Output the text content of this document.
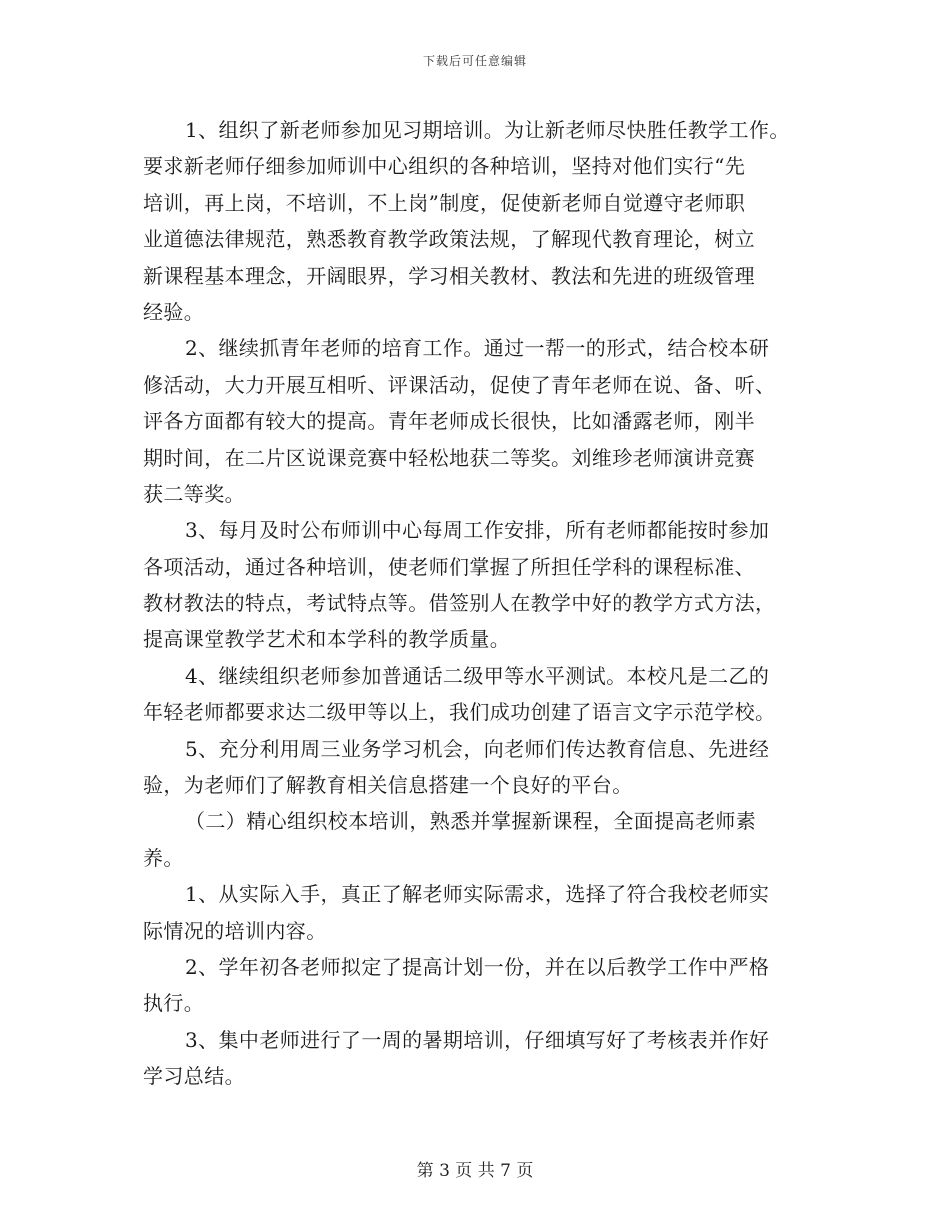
下载后可任意编辑
1、组织了新老师参加见习期培训。为让新老师尽快胜任教学工作。
要求新老师仔细参加师训中心组织的各种培训，坚持对他们实行“先
培训，再上岗，不培训，不上岗”制度，促使新老师自觉遵守老师职
业道德法律规范，熟悉教育教学政策法规，了解现代教育理论，树立
新课程基本理念，开阔眼界，学习相关教材、教法和先进的班级管理
经验。
2、继续抓青年老师的培育工作。通过一帮一的形式，结合校本研
修活动，大力开展互相听、评课活动，促使了青年老师在说、备、听、
评各方面都有较大的提高。青年老师成长很快，比如潘露老师，刚半
期时间，在二片区说课竞赛中轻松地获二等奖。刘维珍老师演讲竞赛
获二等奖。
3、每月及时公布师训中心每周工作安排，所有老师都能按时参加
各项活动，通过各种培训，使老师们掌握了所担任学科的课程标准、
教材教法的特点，考试特点等。借签别人在教学中好的教学方式方法，
提高课堂教学艺术和本学科的教学质量。
4、继续组织老师参加普通话二级甲等水平测试。本校凡是二乙的
年轻老师都要求达二级甲等以上，我们成功创建了语言文字示范学校。
5、充分利用周三业务学习机会，向老师们传达教育信息、先进经
验，为老师们了解教育相关信息搭建一个良好的平台。
（二）精心组织校本培训，熟悉并掌握新课程，全面提高老师素
养。
1、从实际入手，真正了解老师实际需求，选择了符合我校老师实
际情况的培训内容。
2、学年初各老师拟定了提高计划一份，并在以后教学工作中严格
执行。
3、集中老师进行了一周的暑期培训，仔细填写好了考核表并作好
学习总结。
第 3 页 共 7 页
